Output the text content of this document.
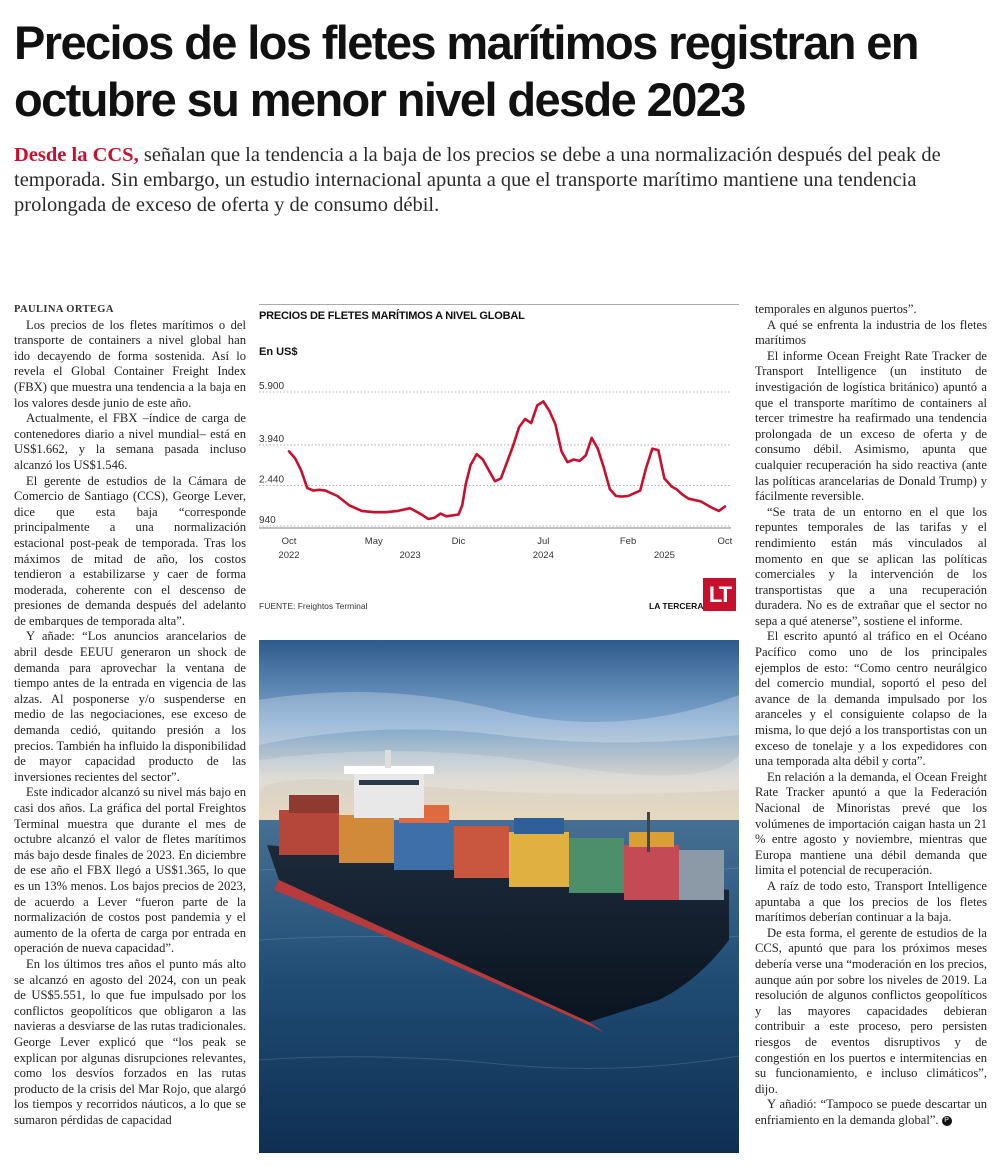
Precios de los fletes marítimos registran en octubre su menor nivel desde 2023

Desde la CCS, señalan que la tendencia a la baja de los precios se debe a una normalización después del peak de temporada. Sin embargo, un estudio internacional apunta a que el transporte marítimo mantiene una tendencia prolongada de exceso de oferta y de consumo débil.

PAULINA ORTEGA

Los precios de los fletes marítimos o del transporte de containers a nivel global han ido decayendo de forma sostenida. Así lo revela el Global Container Freight Index (FBX) que muestra una tendencia a la baja en los valores desde junio de este año.

Actualmente, el FBX –índice de carga de contenedores diario a nivel mundial– está en US$1.662, y la semana pasada incluso alcanzó los US$1.546.

El gerente de estudios de la Cámara de Comercio de Santiago (CCS), George Lever, dice que esta baja “corresponde principalmente a una normalización estacional post-peak de temporada. Tras los máximos de mitad de año, los costos tendieron a estabilizarse y caer de forma moderada, coherente con el descenso de presiones de demanda después del adelanto de embarques de temporada alta”.

Y añade: “Los anuncios arancelarios de abril desde EEUU generaron un shock de demanda para aprovechar la ventana de tiempo antes de la entrada en vigencia de las alzas. Al posponerse y/o suspenderse en medio de las negociaciones, ese exceso de demanda cedió, quitando presión a los precios. También ha influido la disponibilidad de mayor capacidad producto de las inversiones recientes del sector”.

Este indicador alcanzó su nivel más bajo en casi dos años. La gráfica del portal Freightos Terminal muestra que durante el mes de octubre alcanzó el valor de fletes marítimos más bajo desde finales de 2023. En diciembre de ese año el FBX llegó a US$1.365, lo que es un 13% menos. Los bajos precios de 2023, de acuerdo a Lever “fueron parte de la normalización de costos post pandemia y el aumento de la oferta de carga por entrada en operación de nueva capacidad”.

En los últimos tres años el punto más alto se alcanzó en agosto del 2024, con un peak de US$5.551, lo que fue impulsado por los conflictos geopolíticos que obligaron a las navieras a desviarse de las rutas tradicionales. George Lever explicó que “los peak se explican por algunas disrupciones relevantes, como los desvíos forzados en las rutas producto de la crisis del Mar Rojo, que alargó los tiempos y recorridos náuticos, a lo que se sumaron pérdidas de capacidad

PRECIOS DE FLETES MARÍTIMOS A NIVEL GLOBAL
En US$
940
2.440
3.940
5.900
Oct
2022
May
2023
Dic	Jul
2024
Feb
2025
Oct
FUENTE: Freightos Terminal	LA TERCERA LT

temporales en algunos puertos”.

A qué se enfrenta la industria de los fletes marítimos

El informe Ocean Freight Rate Tracker de Transport Intelligence (un instituto de investigación de logística británico) apuntó a que el transporte marítimo de containers al tercer trimestre ha reafirmado una tendencia prolongada de un exceso de oferta y de consumo débil. Asimismo, apunta que cualquier recuperación ha sido reactiva (ante las políticas arancelarias de Donald Trump) y fácilmente reversible.

“Se trata de un entorno en el que los repuntes temporales de las tarifas y el rendimiento están más vinculados al momento en que se aplican las políticas comerciales y la intervención de los transportistas que a una recuperación duradera. No es de extrañar que el sector no sepa a qué atenerse”, sostiene el informe.

El escrito apuntó al tráfico en el Océano Pacífico como uno de los principales ejemplos de esto: “Como centro neurálgico del comercio mundial, soportó el peso del avance de la demanda impulsado por los aranceles y el consiguiente colapso de la misma, lo que dejó a los transportistas con un exceso de tonelaje y a los expedidores con una temporada alta débil y corta”.

En relación a la demanda, el Ocean Freight Rate Tracker apuntó a que la Federación Nacional de Minoristas prevé que los volúmenes de importación caigan hasta un 21 % entre agosto y noviembre, mientras que Europa mantiene una débil demanda que limita el potencial de recuperación.

A raíz de todo esto, Transport Intelligence apuntaba a que los precios de los fletes marítimos deberían continuar a la baja.

De esta forma, el gerente de estudios de la CCS, apuntó que para los próximos meses debería verse una “moderación en los precios, aunque aún por sobre los niveles de 2019. La resolución de algunos conflictos geopolíticos y las mayores capacidades debieran contribuir a este proceso, pero persisten riesgos de eventos disruptivos y de congestión en los puertos e intermitencias en su funcionamiento, e incluso climáticos”, dijo.

Y añadió: “Tampoco se puede descartar un enfriamiento en la demanda global”. P
